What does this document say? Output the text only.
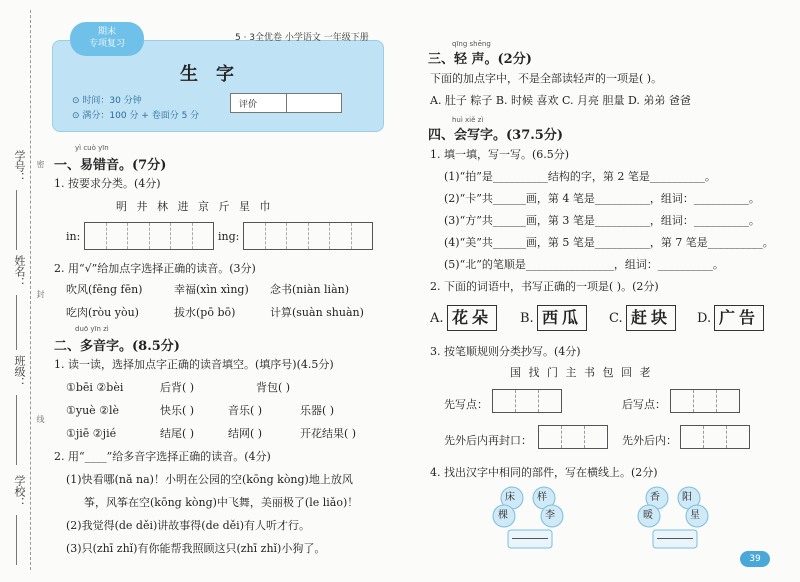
学号：
姓名：
班级：
学校：
密
封
线
期末
专项复习
5 · 3全优卷 小学语文 一年级下册
生字
⊙ 时间：30 分钟
⊙ 满分：100 分 + 卷面分 5 分
评价
yì cuò yīn
一、易错音。(7分)
1. 按要求分类。(4分)
明 井 林 进 京 斤 星 巾
in:	ing:
2. 用“√”给加点字选择正确的读音。(3分)
吹风(fēng fēn)	幸福(xìn xìng) 念书(niàn liàn)
吃肉(ròu yòu)	拔水(pō bō)	计算(suàn shuàn)
duō yīn zì
二、多音字。(8.5分)
1. 读一读，选择加点字正确的读音填空。(填序号)(4.5分)
①bēi ②bèi	后背( )	背包( )
①yuè ②lè	快乐( )	音乐( )	乐器( )
①jiē ②jié	结尾( )	结网( )	开花结果( )
2. 用“____”给多音字选择正确的读音。(4分)
(1)快看哪(nǎ na)！小明在公园的空(kōng kòng)地上放风
筝，风筝在空(kōng kòng)中飞舞，美丽极了(le liǎo)！
(2)我觉得(de děi)讲故事得(de děi)有人听才行。
(3)只(zhī zhǐ)有你能帮我照顾这只(zhī zhǐ)小狗了。
qīng shēng
三、轻 声。(2分)
下面的加点字中，不是全部读轻声的一项是( )。
A. 肚子 粽子 B. 时候 喜欢 C. 月亮 胆量 D. 弟弟 爸爸
huì xiě zì
四、会写字。(37.5分)
1. 填一填，写一写。(6.5分)
(1)“拍”是__________结构的字，第 2 笔是__________。
(2)“卡”共______画，第 4 笔是__________，组词：__________。
(3)“方”共______画，第 3 笔是__________，组词：__________。
(4)“美”共______画，第 5 笔是__________，第 7 笔是__________。
(5)“北”的笔顺是________________，组词：__________。
2. 下面的词语中，书写正确的一项是( )。(2分)
A. 花朵	B. 西瓜	C. 赶块	D. 广告
3. 按笔顺规则分类抄写。(4分)
国 找 门 主 书 包 回 老
先写点：	后写点：
先外后内再封口：	先外后内：
4. 找出汉字中相同的部件，写在横线上。(2分)
床 样
棵	李
香 阳
暖	星
39
